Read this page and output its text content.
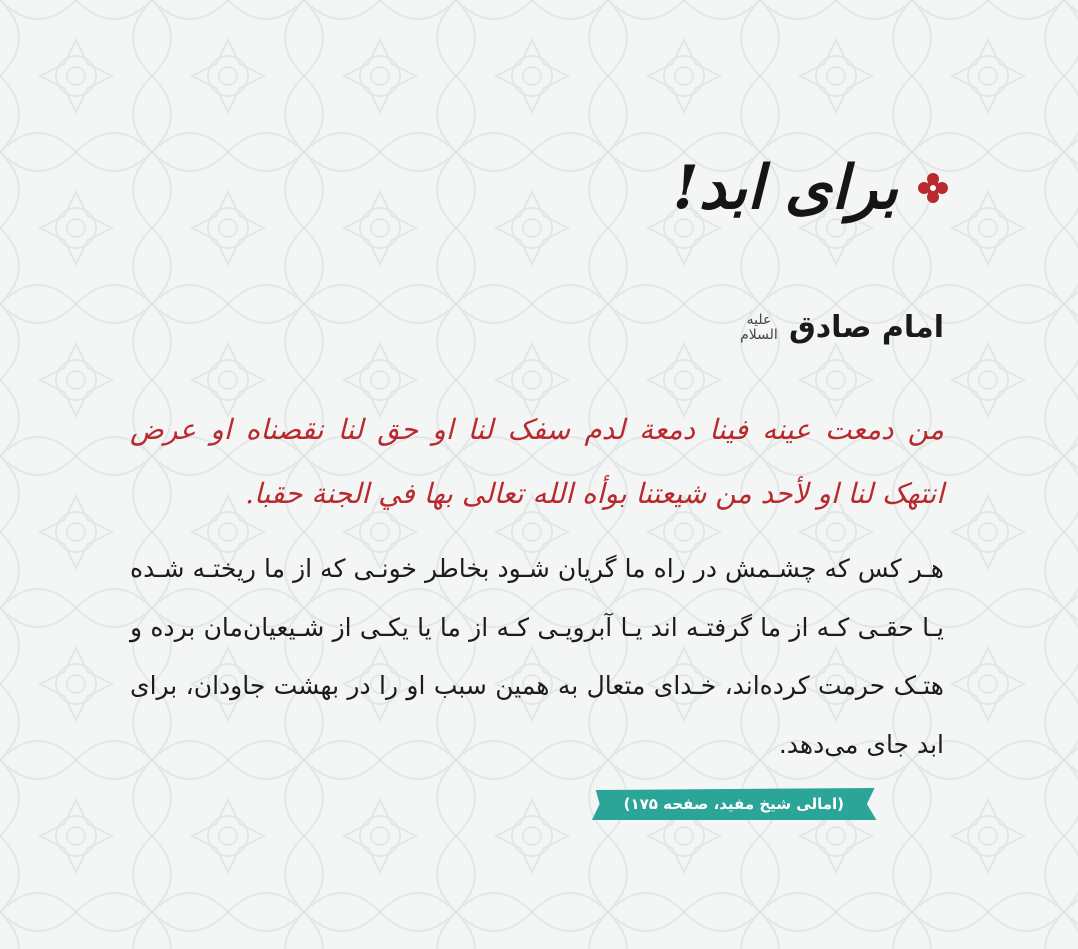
برای ابد!
امام صادق
علیه السلام
من دمعت عينه فينا دمعة لدم سفک لنا او حق لنا نقصناه او عرض انتهک لنا او لأحد من شيعتنا بوأه الله تعالى بها في الجنة حقبا.
هـر کس که چشـمش در راه ما گریان شـود بخاطر خونـی که از ما ریختـه شـده یـا حقـی کـه از ما گرفتـه اند یـا آبرویـی کـه از ما یا یکـی از شـیعیان‌مان برده و هتـک حرمت کرده‌اند، خـدای متعال به همین سبب او را در بهشت جاودان، برای ابد جای می‌دهد.
(امالی شیخ مفید، صفحه ۱۷۵)
